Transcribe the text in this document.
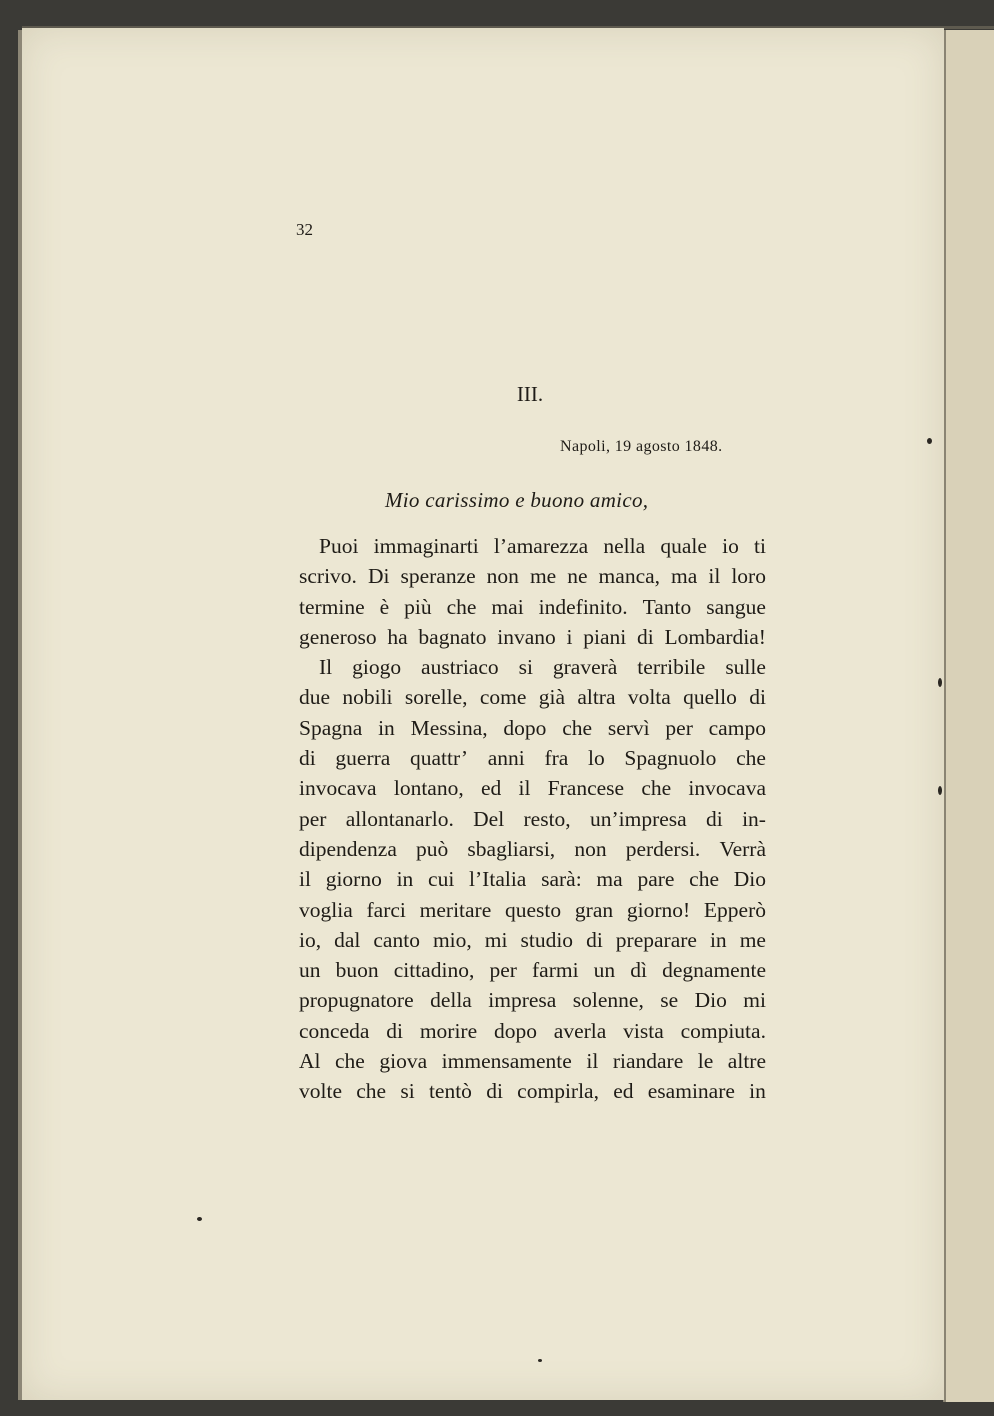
32
III.
Napoli, 19 agosto 1848.
Mio carissimo e buono amico,
Puoi immaginarti l’amarezza nella quale io ti
scrivo. Di speranze non me ne manca, ma il loro
termine è più che mai indefinito. Tanto sangue
generoso ha bagnato invano i piani di Lombardia!
Il giogo austriaco si graverà terribile sulle
due nobili sorelle, come già altra volta quello di
Spagna in Messina, dopo che servì per campo
di guerra quattr’ anni fra lo Spagnuolo che
invocava lontano, ed il Francese che invocava
per allontanarlo. Del resto, un’impresa di in-
dipendenza può sbagliarsi, non perdersi. Verrà
il giorno in cui l’Italia sarà: ma pare che Dio
voglia farci meritare questo gran giorno! Epperò
io, dal canto mio, mi studio di preparare in me
un buon cittadino, per farmi un dì degnamente
propugnatore della impresa solenne, se Dio mi
conceda di morire dopo averla vista compiuta.
Al che giova immensamente il riandare le altre
volte che si tentò di compirla, ed esaminare in
